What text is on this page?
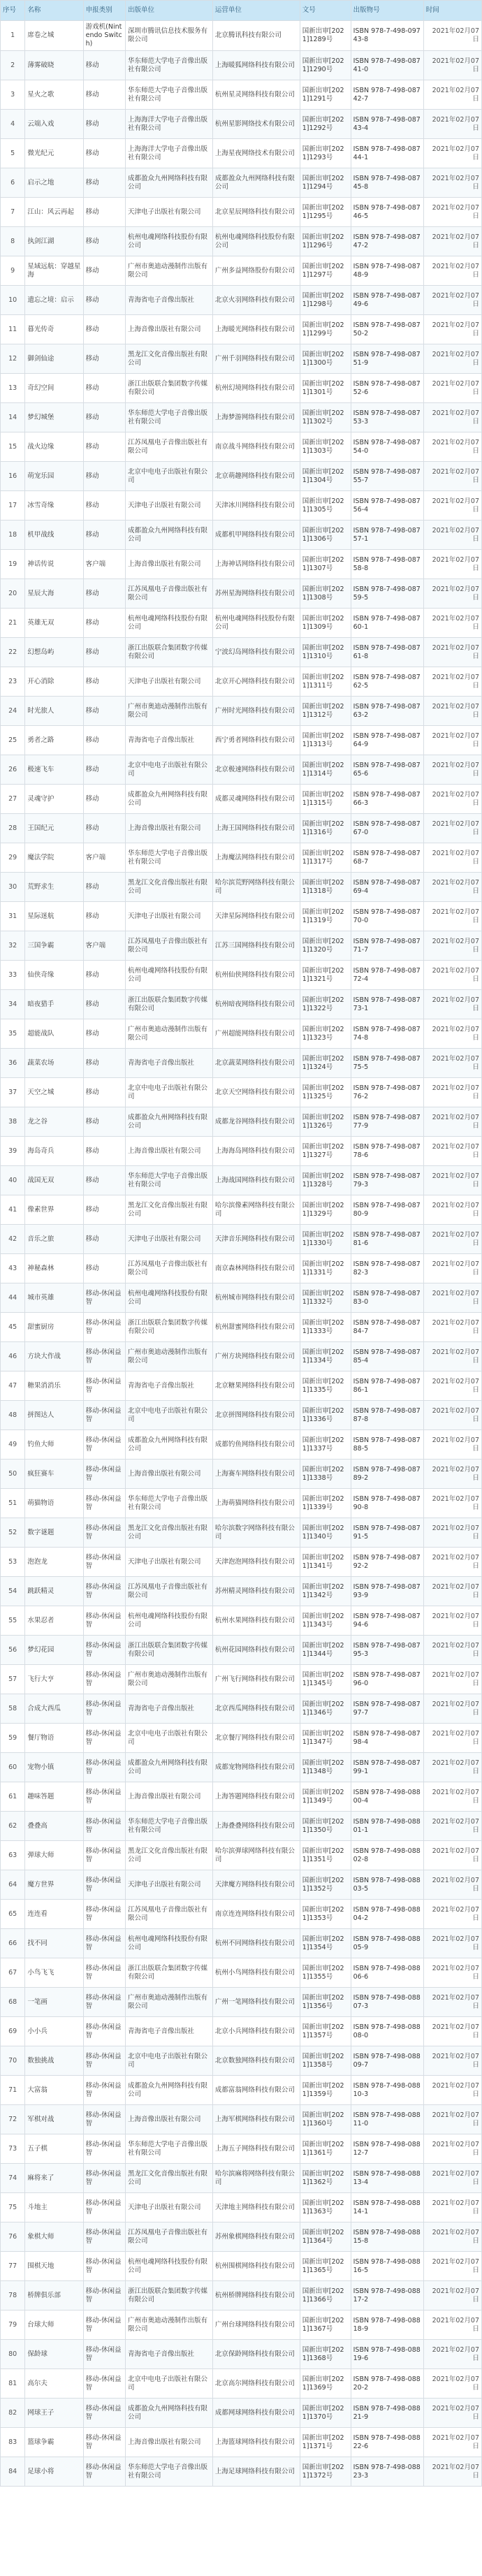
序号	名称	申报类别	出版单位	运营单位	文号	出版物号	时间
1	席卷之城	游戏机(Nintendo Switch)	深圳市腾讯信息技术服务有限公司	北京腾讯科技有限公司	国新出审[2021]1289号	ISBN 978-7-498-09743-8	2021年02月07日
2	薄雾破晓	移动	华东师范大学电子音像出版社有限公司	上海暖狐网络科技有限公司	国新出审[2021]1290号	ISBN 978-7-498-08741-0	2021年02月07日
3	星火之歌	移动	华东师范大学电子音像出版社有限公司	杭州星灵网络科技有限公司	国新出审[2021]1291号	ISBN 978-7-498-08742-7	2021年02月07日
4	云端入戏	移动	上海海洋大学电子音像出版社有限公司	杭州星影网络技术有限公司	国新出审[2021]1292号	ISBN 978-7-498-08743-4	2021年02月07日
5	微光纪元	移动	上海海洋大学电子音像出版社有限公司	上海星夜网络技术有限公司	国新出审[2021]1293号	ISBN 978-7-498-08744-1	2021年02月07日
6	启示之地	移动	成都盈众九州网络科技有限公司	成都盈众九州网络科技有限公司	国新出审[2021]1294号	ISBN 978-7-498-08745-8	2021年02月07日
7	江山：风云再起	移动	天津电子出版社有限公司	北京星辰网络科技有限公司	国新出审[2021]1295号	ISBN 978-7-498-08746-5	2021年02月07日
8	执剑江湖	移动	杭州电魂网络科技股份有限公司	杭州电魂网络科技股份有限公司	国新出审[2021]1296号	ISBN 978-7-498-08747-2	2021年02月07日
9	星域远航：穿越星海	移动	广州市奥迪动漫制作出版有限公司	广州多益网络股份有限公司	国新出审[2021]1297号	ISBN 978-7-498-08748-9	2021年02月07日
10	遗忘之境：启示	移动	青海省电子音像出版社	北京火羽网络科技有限公司	国新出审[2021]1298号	ISBN 978-7-498-08749-6	2021年02月07日
11	暮光传奇	移动	上海音像出版社有限公司	上海暖光网络科技有限公司	国新出审[2021]1299号	ISBN 978-7-498-08750-2	2021年02月07日
12	御剑仙途	移动	黑龙江文化音像出版社有限公司	广州千羽网络科技有限公司	国新出审[2021]1300号	ISBN 978-7-498-08751-9	2021年02月07日
13	奇幻空间	移动	浙江出版联合集团数字传媒有限公司	杭州幻境网络科技有限公司	国新出审[2021]1301号	ISBN 978-7-498-08752-6	2021年02月07日
14	梦幻城堡	移动	华东师范大学电子音像出版社有限公司	上海梦游网络科技有限公司	国新出审[2021]1302号	ISBN 978-7-498-08753-3	2021年02月07日
15	战火边缘	移动	江苏凤凰电子音像出版社有限公司	南京战斗网络科技有限公司	国新出审[2021]1303号	ISBN 978-7-498-08754-0	2021年02月07日
16	萌宠乐园	移动	北京中电电子出版社有限公司	北京萌趣网络科技有限公司	国新出审[2021]1304号	ISBN 978-7-498-08755-7	2021年02月07日
17	冰雪奇缘	移动	天津电子出版社有限公司	天津冰川网络科技有限公司	国新出审[2021]1305号	ISBN 978-7-498-08756-4	2021年02月07日
18	机甲战线	移动	成都盈众九州网络科技有限公司	成都机甲网络科技有限公司	国新出审[2021]1306号	ISBN 978-7-498-08757-1	2021年02月07日
19	神话传说	客户端	上海音像出版社有限公司	上海神话网络科技有限公司	国新出审[2021]1307号	ISBN 978-7-498-08758-8	2021年02月07日
20	星辰大海	移动	江苏凤凰电子音像出版社有限公司	苏州星海网络科技有限公司	国新出审[2021]1308号	ISBN 978-7-498-08759-5	2021年02月07日
21	英雄无双	移动	杭州电魂网络科技股份有限公司	杭州电魂网络科技股份有限公司	国新出审[2021]1309号	ISBN 978-7-498-08760-1	2021年02月07日
22	幻想岛屿	移动	浙江出版联合集团数字传媒有限公司	宁波幻岛网络科技有限公司	国新出审[2021]1310号	ISBN 978-7-498-08761-8	2021年02月07日
23	开心消除	移动	天津电子出版社有限公司	北京开心网络科技有限公司	国新出审[2021]1311号	ISBN 978-7-498-08762-5	2021年02月07日
24	时光旅人	移动	广州市奥迪动漫制作出版有限公司	广州时光网络科技有限公司	国新出审[2021]1312号	ISBN 978-7-498-08763-2	2021年02月07日
25	勇者之路	移动	青海省电子音像出版社	西宁勇者网络科技有限公司	国新出审[2021]1313号	ISBN 978-7-498-08764-9	2021年02月07日
26	极速飞车	移动	北京中电电子出版社有限公司	北京极速网络科技有限公司	国新出审[2021]1314号	ISBN 978-7-498-08765-6	2021年02月07日
27	灵魂守护	移动	成都盈众九州网络科技有限公司	成都灵魂网络科技有限公司	国新出审[2021]1315号	ISBN 978-7-498-08766-3	2021年02月07日
28	王国纪元	移动	上海音像出版社有限公司	上海王国网络科技有限公司	国新出审[2021]1316号	ISBN 978-7-498-08767-0	2021年02月07日
29	魔法学院	客户端	华东师范大学电子音像出版社有限公司	上海魔法网络科技有限公司	国新出审[2021]1317号	ISBN 978-7-498-08768-7	2021年02月07日
30	荒野求生	移动	黑龙江文化音像出版社有限公司	哈尔滨荒野网络科技有限公司	国新出审[2021]1318号	ISBN 978-7-498-08769-4	2021年02月07日
31	星际迷航	移动	天津电子出版社有限公司	天津星际网络科技有限公司	国新出审[2021]1319号	ISBN 978-7-498-08770-0	2021年02月07日
32	三国争霸	客户端	江苏凤凰电子音像出版社有限公司	江苏三国网络科技有限公司	国新出审[2021]1320号	ISBN 978-7-498-08771-7	2021年02月07日
33	仙侠奇缘	移动	杭州电魂网络科技股份有限公司	杭州仙侠网络科技有限公司	国新出审[2021]1321号	ISBN 978-7-498-08772-4	2021年02月07日
34	暗夜猎手	移动	浙江出版联合集团数字传媒有限公司	杭州暗夜网络科技有限公司	国新出审[2021]1322号	ISBN 978-7-498-08773-1	2021年02月07日
35	超能战队	移动	广州市奥迪动漫制作出版有限公司	广州超能网络科技有限公司	国新出审[2021]1323号	ISBN 978-7-498-08774-8	2021年02月07日
36	蔬菜农场	移动	青海省电子音像出版社	北京蔬菜网络科技有限公司	国新出审[2021]1324号	ISBN 978-7-498-08775-5	2021年02月07日
37	天空之城	移动	北京中电电子出版社有限公司	北京天空网络科技有限公司	国新出审[2021]1325号	ISBN 978-7-498-08776-2	2021年02月07日
38	龙之谷	移动	成都盈众九州网络科技有限公司	成都龙谷网络科技有限公司	国新出审[2021]1326号	ISBN 978-7-498-08777-9	2021年02月07日
39	海岛奇兵	移动	上海音像出版社有限公司	上海海岛网络科技有限公司	国新出审[2021]1327号	ISBN 978-7-498-08778-6	2021年02月07日
40	战国无双	移动	华东师范大学电子音像出版社有限公司	上海战国网络科技有限公司	国新出审[2021]1328号	ISBN 978-7-498-08779-3	2021年02月07日
41	像素世界	移动	黑龙江文化音像出版社有限公司	哈尔滨像素网络科技有限公司	国新出审[2021]1329号	ISBN 978-7-498-08780-9	2021年02月07日
42	音乐之旅	移动	天津电子出版社有限公司	天津音乐网络科技有限公司	国新出审[2021]1330号	ISBN 978-7-498-08781-6	2021年02月07日
43	神秘森林	移动	江苏凤凰电子音像出版社有限公司	南京森林网络科技有限公司	国新出审[2021]1331号	ISBN 978-7-498-08782-3	2021年02月07日
44	城市英雄	移动-休闲益智	杭州电魂网络科技股份有限公司	杭州城市网络科技有限公司	国新出审[2021]1332号	ISBN 978-7-498-08783-0	2021年02月07日
45	甜蜜厨房	移动-休闲益智	浙江出版联合集团数字传媒有限公司	杭州甜蜜网络科技有限公司	国新出审[2021]1333号	ISBN 978-7-498-08784-7	2021年02月07日
46	方块大作战	移动-休闲益智	广州市奥迪动漫制作出版有限公司	广州方块网络科技有限公司	国新出审[2021]1334号	ISBN 978-7-498-08785-4	2021年02月07日
47	糖果消消乐	移动-休闲益智	青海省电子音像出版社	北京糖果网络科技有限公司	国新出审[2021]1335号	ISBN 978-7-498-08786-1	2021年02月07日
48	拼图达人	移动-休闲益智	北京中电电子出版社有限公司	北京拼图网络科技有限公司	国新出审[2021]1336号	ISBN 978-7-498-08787-8	2021年02月07日
49	钓鱼大师	移动-休闲益智	成都盈众九州网络科技有限公司	成都钓鱼网络科技有限公司	国新出审[2021]1337号	ISBN 978-7-498-08788-5	2021年02月07日
50	疯狂赛车	移动-休闲益智	上海音像出版社有限公司	上海赛车网络科技有限公司	国新出审[2021]1338号	ISBN 978-7-498-08789-2	2021年02月07日
51	萌猫物语	移动-休闲益智	华东师范大学电子音像出版社有限公司	上海萌猫网络科技有限公司	国新出审[2021]1339号	ISBN 978-7-498-08790-8	2021年02月07日
52	数字谜题	移动-休闲益智	黑龙江文化音像出版社有限公司	哈尔滨数字网络科技有限公司	国新出审[2021]1340号	ISBN 978-7-498-08791-5	2021年02月07日
53	泡泡龙	移动-休闲益智	天津电子出版社有限公司	天津泡泡网络科技有限公司	国新出审[2021]1341号	ISBN 978-7-498-08792-2	2021年02月07日
54	跳跃精灵	移动-休闲益智	江苏凤凰电子音像出版社有限公司	苏州精灵网络科技有限公司	国新出审[2021]1342号	ISBN 978-7-498-08793-9	2021年02月07日
55	水果忍者	移动-休闲益智	杭州电魂网络科技股份有限公司	杭州水果网络科技有限公司	国新出审[2021]1343号	ISBN 978-7-498-08794-6	2021年02月07日
56	梦幻花园	移动-休闲益智	浙江出版联合集团数字传媒有限公司	杭州花园网络科技有限公司	国新出审[2021]1344号	ISBN 978-7-498-08795-3	2021年02月07日
57	飞行大亨	移动-休闲益智	广州市奥迪动漫制作出版有限公司	广州飞行网络科技有限公司	国新出审[2021]1345号	ISBN 978-7-498-08796-0	2021年02月07日
58	合成大西瓜	移动-休闲益智	青海省电子音像出版社	北京西瓜网络科技有限公司	国新出审[2021]1346号	ISBN 978-7-498-08797-7	2021年02月07日
59	餐厅物语	移动-休闲益智	北京中电电子出版社有限公司	北京餐厅网络科技有限公司	国新出审[2021]1347号	ISBN 978-7-498-08798-4	2021年02月07日
60	宠物小镇	移动-休闲益智	成都盈众九州网络科技有限公司	成都宠物网络科技有限公司	国新出审[2021]1348号	ISBN 978-7-498-08799-1	2021年02月07日
61	趣味答题	移动-休闲益智	上海音像出版社有限公司	上海答题网络科技有限公司	国新出审[2021]1349号	ISBN 978-7-498-08800-4	2021年02月07日
62	叠叠高	移动-休闲益智	华东师范大学电子音像出版社有限公司	上海叠叠网络科技有限公司	国新出审[2021]1350号	ISBN 978-7-498-08801-1	2021年02月07日
63	弹球大师	移动-休闲益智	黑龙江文化音像出版社有限公司	哈尔滨弹球网络科技有限公司	国新出审[2021]1351号	ISBN 978-7-498-08802-8	2021年02月07日
64	魔方世界	移动-休闲益智	天津电子出版社有限公司	天津魔方网络科技有限公司	国新出审[2021]1352号	ISBN 978-7-498-08803-5	2021年02月07日
65	连连看	移动-休闲益智	江苏凤凰电子音像出版社有限公司	南京连连网络科技有限公司	国新出审[2021]1353号	ISBN 978-7-498-08804-2	2021年02月07日
66	找不同	移动-休闲益智	杭州电魂网络科技股份有限公司	杭州不同网络科技有限公司	国新出审[2021]1354号	ISBN 978-7-498-08805-9	2021年02月07日
67	小鸟飞飞	移动-休闲益智	浙江出版联合集团数字传媒有限公司	杭州小鸟网络科技有限公司	国新出审[2021]1355号	ISBN 978-7-498-08806-6	2021年02月07日
68	一笔画	移动-休闲益智	广州市奥迪动漫制作出版有限公司	广州一笔网络科技有限公司	国新出审[2021]1356号	ISBN 978-7-498-08807-3	2021年02月07日
69	小小兵	移动-休闲益智	青海省电子音像出版社	北京小兵网络科技有限公司	国新出审[2021]1357号	ISBN 978-7-498-08808-0	2021年02月07日
70	数独挑战	移动-休闲益智	北京中电电子出版社有限公司	北京数独网络科技有限公司	国新出审[2021]1358号	ISBN 978-7-498-08809-7	2021年02月07日
71	大富翁	移动-休闲益智	成都盈众九州网络科技有限公司	成都富翁网络科技有限公司	国新出审[2021]1359号	ISBN 978-7-498-08810-3	2021年02月07日
72	军棋对战	移动-休闲益智	上海音像出版社有限公司	上海军棋网络科技有限公司	国新出审[2021]1360号	ISBN 978-7-498-08811-0	2021年02月07日
73	五子棋	移动-休闲益智	华东师范大学电子音像出版社有限公司	上海五子网络科技有限公司	国新出审[2021]1361号	ISBN 978-7-498-08812-7	2021年02月07日
74	麻将来了	移动-休闲益智	黑龙江文化音像出版社有限公司	哈尔滨麻将网络科技有限公司	国新出审[2021]1362号	ISBN 978-7-498-08813-4	2021年02月07日
75	斗地主	移动-休闲益智	天津电子出版社有限公司	天津地主网络科技有限公司	国新出审[2021]1363号	ISBN 978-7-498-08814-1	2021年02月07日
76	象棋大师	移动-休闲益智	江苏凤凰电子音像出版社有限公司	苏州象棋网络科技有限公司	国新出审[2021]1364号	ISBN 978-7-498-08815-8	2021年02月07日
77	围棋天地	移动-休闲益智	杭州电魂网络科技股份有限公司	杭州围棋网络科技有限公司	国新出审[2021]1365号	ISBN 978-7-498-08816-5	2021年02月07日
78	桥牌俱乐部	移动-休闲益智	浙江出版联合集团数字传媒有限公司	杭州桥牌网络科技有限公司	国新出审[2021]1366号	ISBN 978-7-498-08817-2	2021年02月07日
79	台球大师	移动-休闲益智	广州市奥迪动漫制作出版有限公司	广州台球网络科技有限公司	国新出审[2021]1367号	ISBN 978-7-498-08818-9	2021年02月07日
80	保龄球	移动-休闲益智	青海省电子音像出版社	北京保龄网络科技有限公司	国新出审[2021]1368号	ISBN 978-7-498-08819-6	2021年02月07日
81	高尔夫	移动-休闲益智	北京中电电子出版社有限公司	北京高尔网络科技有限公司	国新出审[2021]1369号	ISBN 978-7-498-08820-2	2021年02月07日
82	网球王子	移动-休闲益智	成都盈众九州网络科技有限公司	成都网球网络科技有限公司	国新出审[2021]1370号	ISBN 978-7-498-08821-9	2021年02月07日
83	篮球争霸	移动-休闲益智	上海音像出版社有限公司	上海篮球网络科技有限公司	国新出审[2021]1371号	ISBN 978-7-498-08822-6	2021年02月07日
84	足球小将	移动-休闲益智	华东师范大学电子音像出版社有限公司	上海足球网络科技有限公司	国新出审[2021]1372号	ISBN 978-7-498-08823-3	2021年02月07日
